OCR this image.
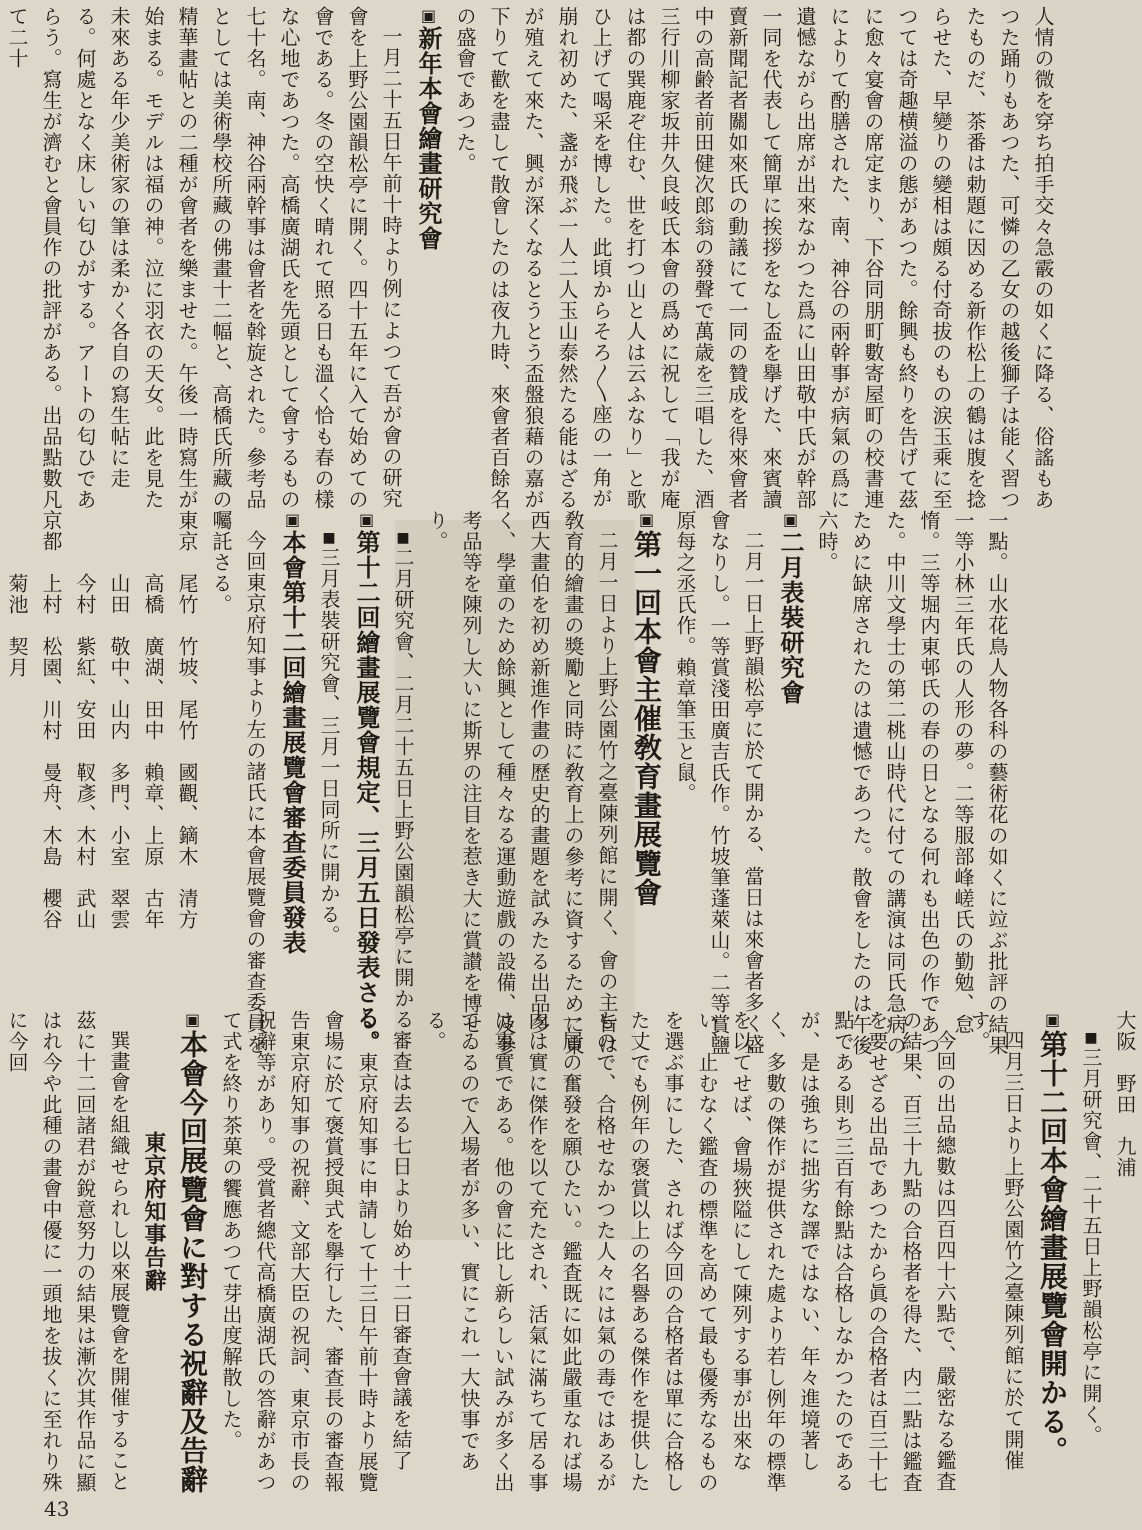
人情の微を穿ち拍手交々急霰の如くに降る、俗謠もあつた踊りもあつた、可憐の乙女の越後獅子は能く習つたものだ、茶番は勅題に因める新作松上の鶴は腹を捻らせた、早變りの變相は頗る付奇拔のもの涙玉乘に至つては奇趣横溢の態があつた。餘興も終りを告げて茲に愈々宴會の席定まり、下谷同朋町數寄屋町の校書連によりて酌膳された、南、神谷の兩幹事が病氣の爲に遺憾ながら出席が出來なかつた爲に山田敬中氏が幹部一同を代表して簡單に挨拶をなし盃を擧げた、來賓讀賣新聞記者關如來氏の動議にて一同の贊成を得來會者中の高齢者前田健次郎翁の發聲で萬歳を三唱した、酒三行川柳家坂井久良岐氏本會の爲めに祝して「我が庵は都の巽鹿ぞ住む、世を打つ山と人は云ふなり」と歌ひ上げて喝采を博した。此頃からそろ〳〵座の一角が崩れ初めた、盞が飛ぶ一人二人玉山泰然たる能はざるが殖えて來た、興が深くなるとうとう盃盤狼藉の嘉が下りて歡を盡して散會したのは夜九時、來會者百餘名の盛會であつた。

▣新年本會繪畫研究會

一月二十五日午前十時より例によつて吾が會の研究會を上野公園韻松亭に開く。四十五年に入て始めての會である。冬の空快く晴れて照る日も溫く恰も春の樣な心地であつた。高橋廣湖氏を先頭として會するもの七十名。南、神谷兩幹事は會者を斡旋された。參考品としては美術學校所藏の佛畫十二幅と、高橋氏所藏の精華畫帖との二種が會者を樂ませた。午後一時寫生が始まる。モデルは福の神。泣に羽衣の天女。此を見た未來ある年少美術家の筆は柔かく各自の寫生帖に走る。何處となく床しい匂ひがする。アートの匂ひであらう。寫生が濟むと會員作の批評がある。出品點數凡て二十

一點。山水花鳥人物各科の藝術花の如くに竝ぶ批評の結果一等小林三年氏の人形の夢。二等服部峰嵯氏の勤勉、怠惰。三等堀内東邨氏の春の日となる何れも出色の作であつた。中川文學士の第二桃山時代に付ての講演は同氏急病のために缺席されたのは遺憾であつた。散會をしたのは午後六時。

▣二月表裝研究會

二月一日上野韻松亭に於て開かる、當日は來會者多く盛會なりし。一等賞淺田廣吉氏作。竹坡筆蓬萊山。二等賞鹽原每之丞氏作。賴章筆玉と鼠。

▣第一回本會主催敎育畫展覽會

二月一日より上野公園竹之臺陳列館に開く、會の主旨は敎育的繪畫の獎勵と同時に敎育上の參考に資するために東西大畫伯を初め新進作畫の歷史的畫題を試みたる出品多く、學童のため餘興として種々なる運動遊戲の設備、及參考品等を陳列し大いに斯界の注目を惹き大に賞讃を博せり。

■二月研究會、二月二十五日上野公園韻松亭に開かる

▣第十二回繪畫展覽會規定、三月五日發表さる。

■三月表裝研究會、三月一日同所に開かる。

▣本會第十二回繪畫展覽會審查委員發表

今回東京府知事より左の諸氏に本會展覽會の審查委員を囑託さる。

東京　尾竹　竹坡、尾竹　國觀、鏑木　清方
　　　高橋　廣湖、田中　賴章、上原　古年
　　　山田　敬中、山内　多門、小室　翠雲
　　　今村　紫紅、安田　靫彥、木村　武山
京都　上村　松園、川村　曼舟、木島　櫻谷
　　　菊池　契月

大阪　野田　九浦

■三月研究會、二十五日上野韻松亭に開く。

▣第十二回本會繪畫展覽會開かる。

四月三日より上野公園竹之臺陳列館に於て開催す。

今回の出品總數は四百四十六點で、嚴密なる鑑査の結果、百三十九點の合格者を得た、内二點は鑑査を要せざる出品であつたから眞の合格者は百三十七點である則ち三百有餘點は合格しなかつたのであるが、是は強ちに拙劣な譯ではない、年々進境著しく、多數の傑作が提供された處より若し例年の標準を以てせば、會場狹隘にして陳列する事が出來ない、止むなく鑑査の標準を高めて最も優秀なるものを選ぶ事にした、されば今回の合格者は單に合格した丈でも例年の褒賞以上の名譽ある傑作を提供したもので、合格せなかつた人々には氣の毒ではあるが一層の奮發を願ひたい。鑑査既に如此嚴重なれば場内は實に傑作を以て充たされ、活氣に滿ちて居る事は事實である。他の會に比し新らしい試みが多く出てゐるので入場者が多い、實にこれ一大快事である。

審查は去る七日より始め十二日審查會議を結了し、東京府知事に申請して十三日午前十時より展覽會場に於て褒賞授與式を擧行した、審查長の審查報告東京府知事の祝辭、文部大臣の祝詞、東京市長の祝辭等があり。受賞者總代高橋廣湖氏の答辭があつて式を終り茶菓の饗應あつて芽出度解散した。

▣本會今回展覽會に對する祝辭及告辭

東京府知事告辭

巽畫會を組織せられし以來展覽會を開催すること茲に十二回諸君が銳意努力の結果は漸次其作品に顯はれ今や此種の畫會中優に一頭地を拔くに至れり殊に今回

43
